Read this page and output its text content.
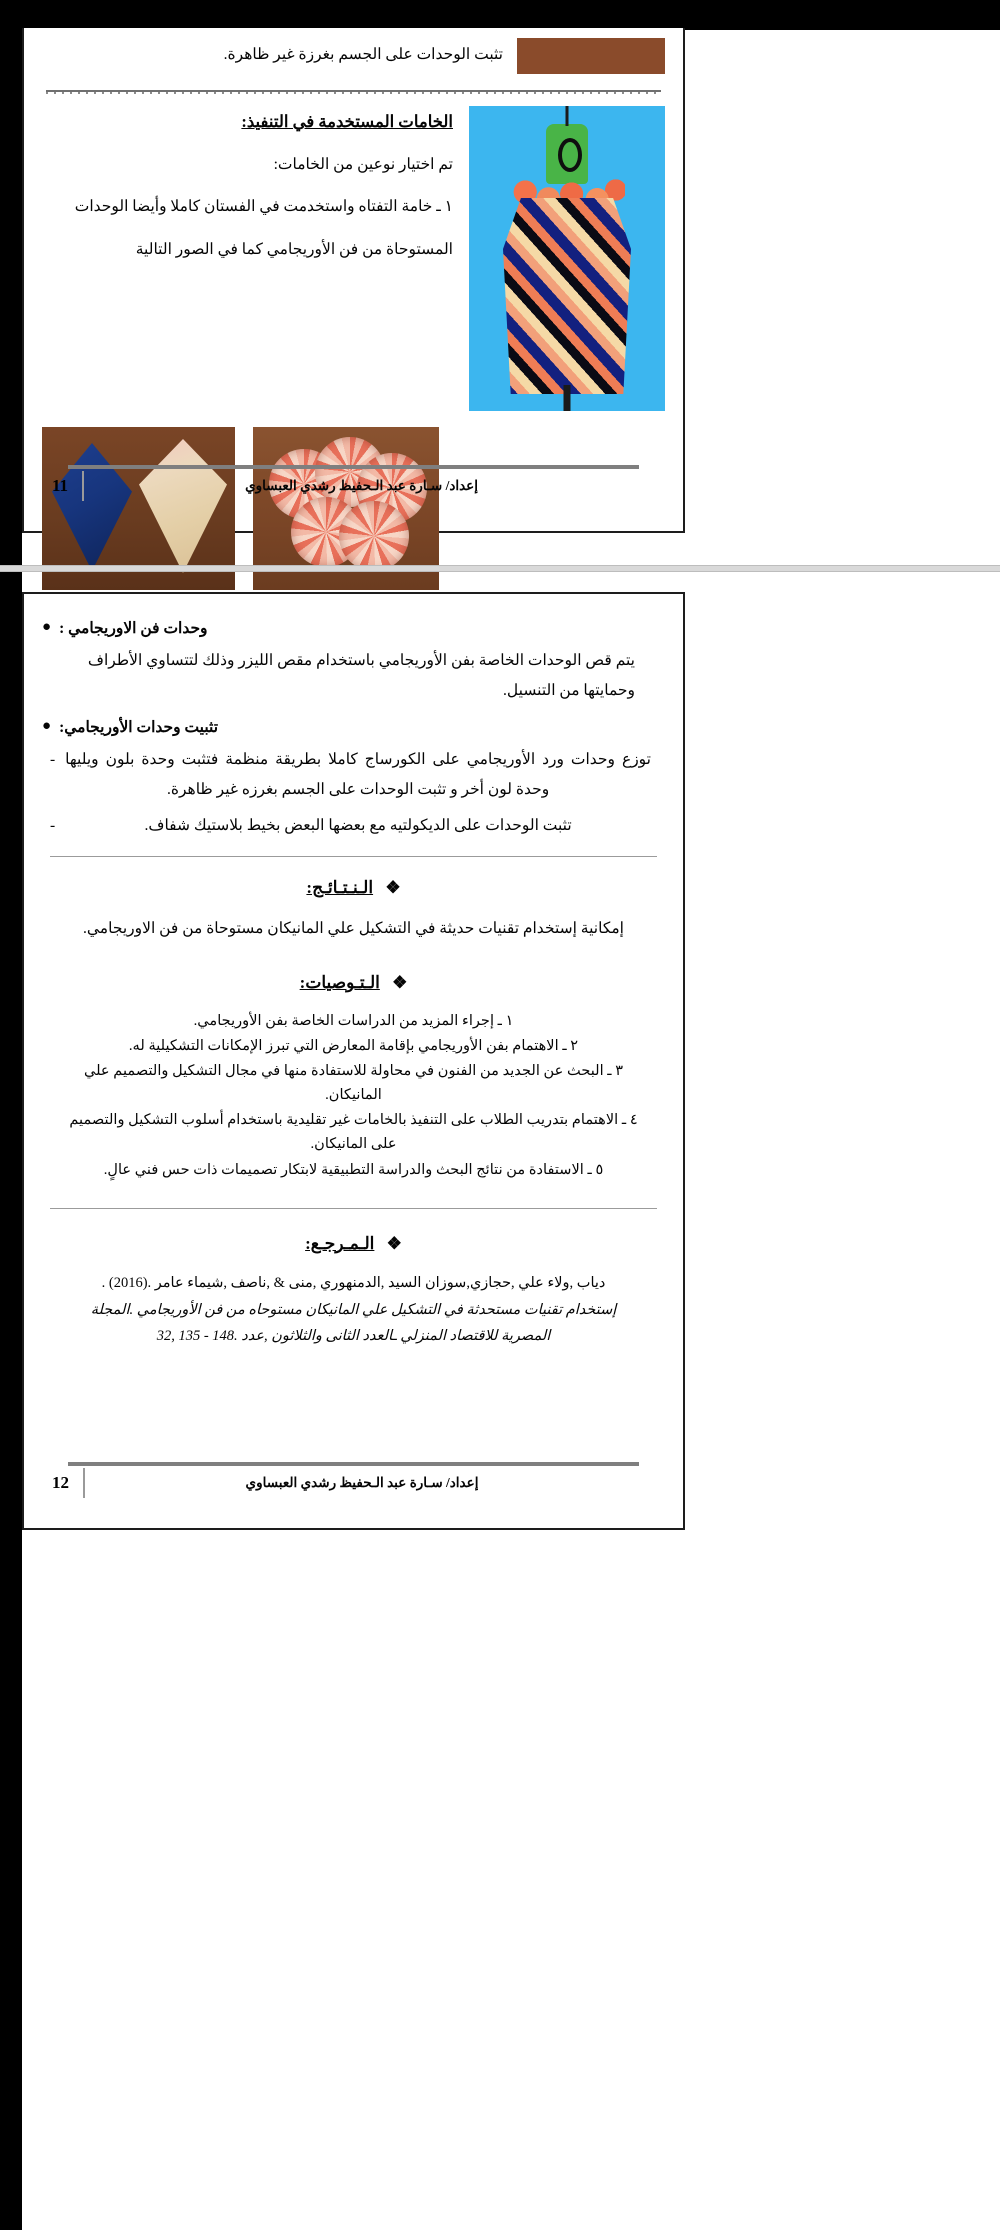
تثبت الوحدات على الجسم بغرزة غير ظاهرة.

الخامات المستخدمة في التنفيذ:

تم اختيار نوعين من الخامات:

١ ـ خامة التفتاه واستخدمت في الفستان كاملا وأيضا الوحدات

المستوحاة من فن الأوريجامي كما في الصور التالية

11	إعداد/ سـارة عبد الـحفيظ رشدي العبساوي
● وحدات فن الاوريجامي :

يتم قص الوحدات الخاصة بفن الأوريجامي باستخدام مقص الليزر وذلك لتتساوي الأطراف وحمايتها من التنسيل.

● تثبيت وحدات الأوريجامي:
- توزع وحدات ورد الأوريجامي على الكورساج كاملا بطريقة منظمة فتثبت وحدة بلون ويليها وحدة لون أخر و تثبت الوحدات على الجسم بغرزه غير ظاهرة.
-	تثبت الوحدات على الديكولتيه مع بعضها البعض بخيط بلاستيك شفاف.
❖ الـنـتـائـج:

إمكانية إستخدام تقنيات حديثة في التشكيل علي المانيكان مستوحاة من فن الاوريجامي.

❖ الـتـوصيات:
١ ـ إجراء المزيد من الدراسات الخاصة بفن الأوريجامي.
٢ ـ الاهتمام بفن الأوريجامي بإقامة المعارض التي تبرز الإمكانات التشكيلية له.
٣ ـ البحث عن الجديد من الفنون في محاولة للاستفادة منها في مجال التشكيل والتصميم علي المانيكان.
٤ ـ الاهتمام بتدريب الطلاب على التنفيذ بالخامات غير تقليدية باستخدام أسلوب التشكيل والتصميم على المانيكان.
٥ ـ الاستفادة من نتائج البحث والدراسة التطبيقية لابتكار تصميمات ذات حس فني عالٍ.
❖ الـمـرجـع:
دياب ,ولاء علي ,حجازي,سوزان السيد ,الدمنهوري ,منى & ,ناصف ,شيماء عامر .(2016) .
إستخدام تقنيات مستحدثة في التشكيل علي المانيكان مستوحاه من فن الأوريجامي .المجلة
المصرية للاقتصاد المنزلي ـالعدد الثانى والثلاثون ,عدد .148 - 135 ,32
12	إعداد/ سـارة عبد الـحفيظ رشدي العبساوي
